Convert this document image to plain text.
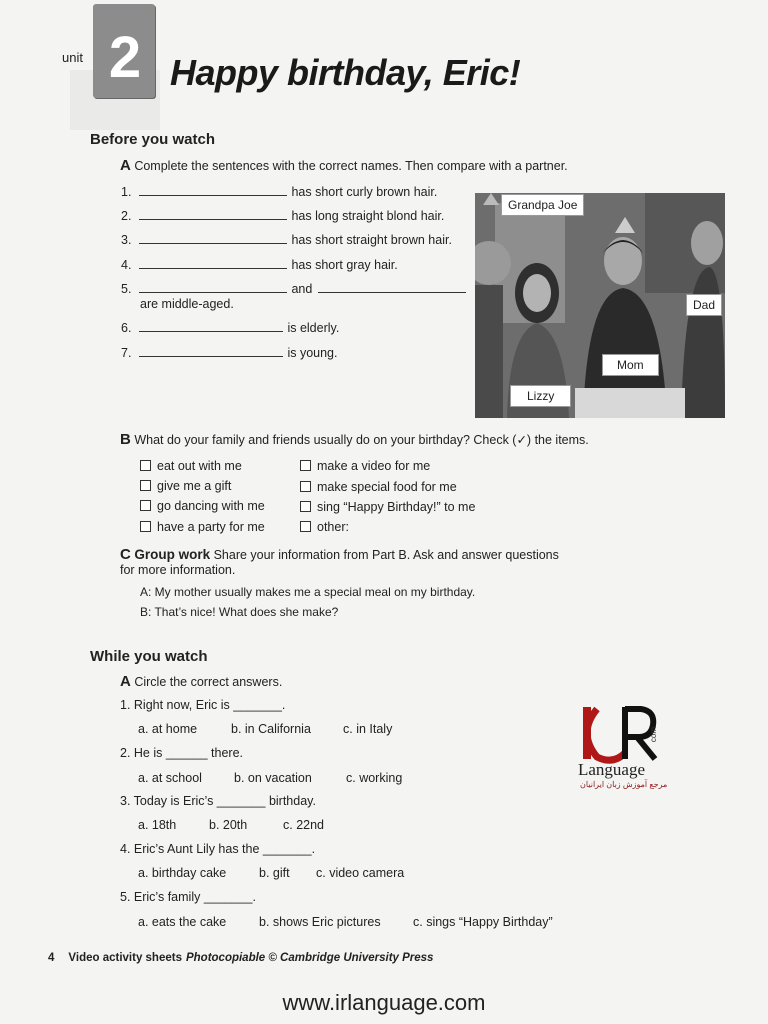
unit 2 Happy birthday, Eric!
Before you watch
A Complete the sentences with the correct names. Then compare with a partner.
1.	has short curly brown hair.
2.	has long straight blond hair.
3.	has short straight brown hair.
4.	has short gray hair.
5.	and
are middle-aged.
6.	is elderly.
7.	is young.
Grandpa Joe
Dad
Mom
Lizzy
B What do your family and friends usually do on your birthday? Check (✓) the items.
eat out with me
give me a gift
go dancing with me
have a party for me
make a video for me
make special food for me
sing “Happy Birthday!” to me
other:
C Group work Share your information from Part B. Ask and answer questions
for more information.
A: My mother usually makes me a special meal on my birthday.
B: That’s nice! What does she make?
While you watch
A Circle the correct answers.
1. Right now, Eric is _______.
a. at home	b. in California	c. in Italy
2. He is ______ there.
a. at school	b. on vacation	c. working
3. Today is Eric’s _______ birthday.
a. 18th	b. 20th	c. 22nd
4. Eric’s Aunt Lily has the _______.
a. birthday cake	b. gift c. video camera
5. Eric’s family _______.
a. eats the cake	b. shows Eric pictures	c. sings “Happy Birthday”
Language
com
مرجع آموزش زبان ایرانیان
4 Video activity sheets Photocopiable © Cambridge University Press
www.irlanguage.com
